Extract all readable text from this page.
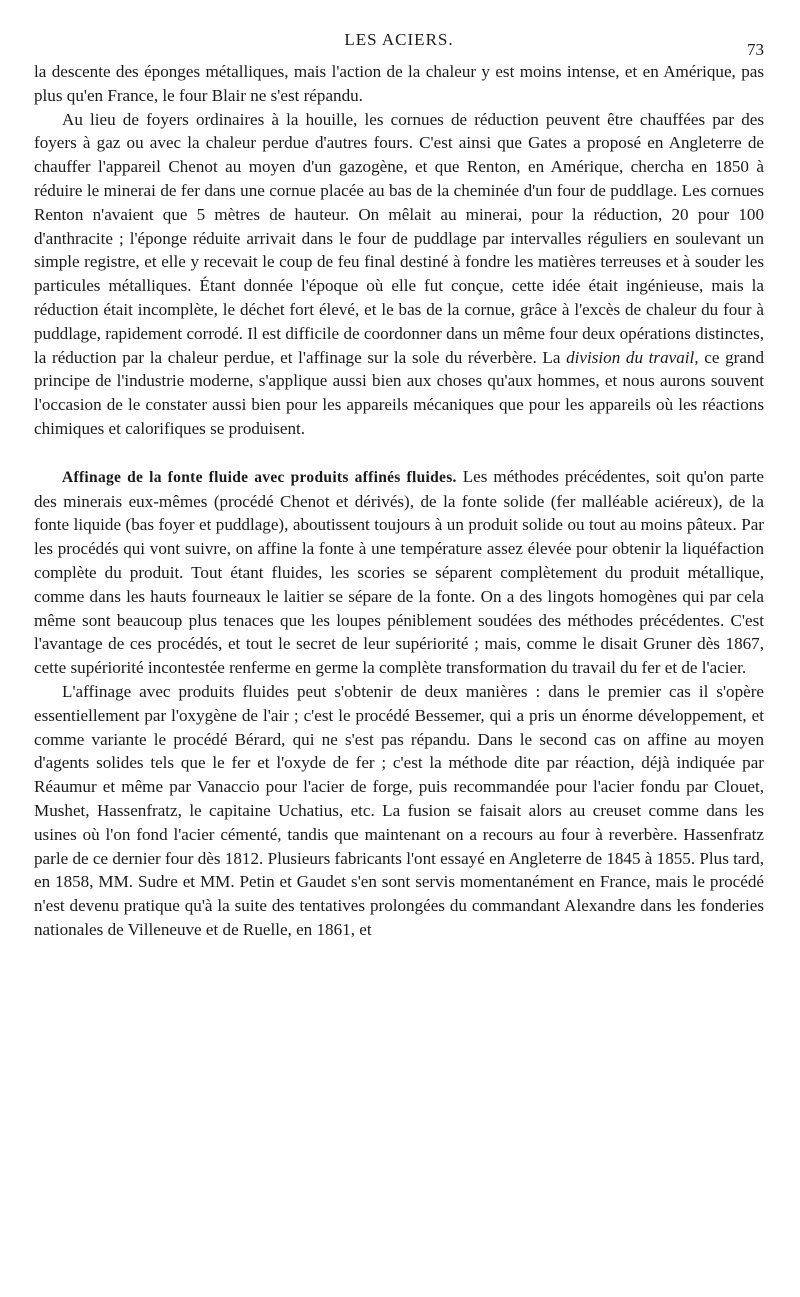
LES ACIERS.
73

la descente des éponges métalliques, mais l'action de la chaleur y est moins intense, et en Amérique, pas plus qu'en France, le four Blair ne s'est répandu.

Au lieu de foyers ordinaires à la houille, les cornues de réduction peuvent être chauffées par des foyers à gaz ou avec la chaleur perdue d'autres fours. C'est ainsi que Gates a proposé en Angleterre de chauffer l'appareil Chenot au moyen d'un gazogène, et que Renton, en Amérique, chercha en 1850 à réduire le minerai de fer dans une cornue placée au bas de la cheminée d'un four de puddlage. Les cornues Renton n'avaient que 5 mètres de hauteur. On mêlait au minerai, pour la réduction, 20 pour 100 d'anthracite ; l'éponge réduite arrivait dans le four de puddlage par intervalles réguliers en soulevant un simple registre, et elle y recevait le coup de feu final destiné à fondre les matières terreuses et à souder les particules métalliques. Étant donnée l'époque où elle fut conçue, cette idée était ingénieuse, mais la réduction était incomplète, le déchet fort élevé, et le bas de la cornue, grâce à l'excès de chaleur du four à puddlage, rapidement corrodé. Il est difficile de coordonner dans un même four deux opérations distinctes, la réduction par la chaleur perdue, et l'affinage sur la sole du réverbère. La division du travail, ce grand principe de l'industrie moderne, s'applique aussi bien aux choses qu'aux hommes, et nous aurons souvent l'occasion de le constater aussi bien pour les appareils mécaniques que pour les appareils où les réactions chimiques et calorifiques se produisent.

Affinage de la fonte fluide avec produits affinés fluides. Les méthodes précédentes, soit qu'on parte des minerais eux-mêmes (procédé Chenot et dérivés), de la fonte solide (fer malléable aciéreux), de la fonte liquide (bas foyer et puddlage), aboutissent toujours à un produit solide ou tout au moins pâteux. Par les procédés qui vont suivre, on affine la fonte à une température assez élevée pour obtenir la liquéfaction complète du produit. Tout étant fluides, les scories se séparent complètement du produit métallique, comme dans les hauts fourneaux le laitier se sépare de la fonte. On a des lingots homogènes qui par cela même sont beaucoup plus tenaces que les loupes péniblement soudées des méthodes précédentes. C'est l'avantage de ces procédés, et tout le secret de leur supériorité ; mais, comme le disait Gruner dès 1867, cette supériorité incontestée renferme en germe la complète transformation du travail du fer et de l'acier.

L'affinage avec produits fluides peut s'obtenir de deux manières : dans le premier cas il s'opère essentiellement par l'oxygène de l'air ; c'est le procédé Bessemer, qui a pris un énorme développement, et comme variante le procédé Bérard, qui ne s'est pas répandu. Dans le second cas on affine au moyen d'agents solides tels que le fer et l'oxyde de fer ; c'est la méthode dite par réaction, déjà indiquée par Réaumur et même par Vanaccio pour l'acier de forge, puis recommandée pour l'acier fondu par Clouet, Mushet, Hassenfratz, le capitaine Uchatius, etc. La fusion se faisait alors au creuset comme dans les usines où l'on fond l'acier cémenté, tandis que maintenant on a recours au four à reverbère. Hassenfratz parle de ce dernier four dès 1812. Plusieurs fabricants l'ont essayé en Angleterre de 1845 à 1855. Plus tard, en 1858, MM. Sudre et MM. Petin et Gaudet s'en sont servis momentanément en France, mais le procédé n'est devenu pratique qu'à la suite des tentatives prolongées du commandant Alexandre dans les fonderies nationales de Villeneuve et de Ruelle, en 1861, et
